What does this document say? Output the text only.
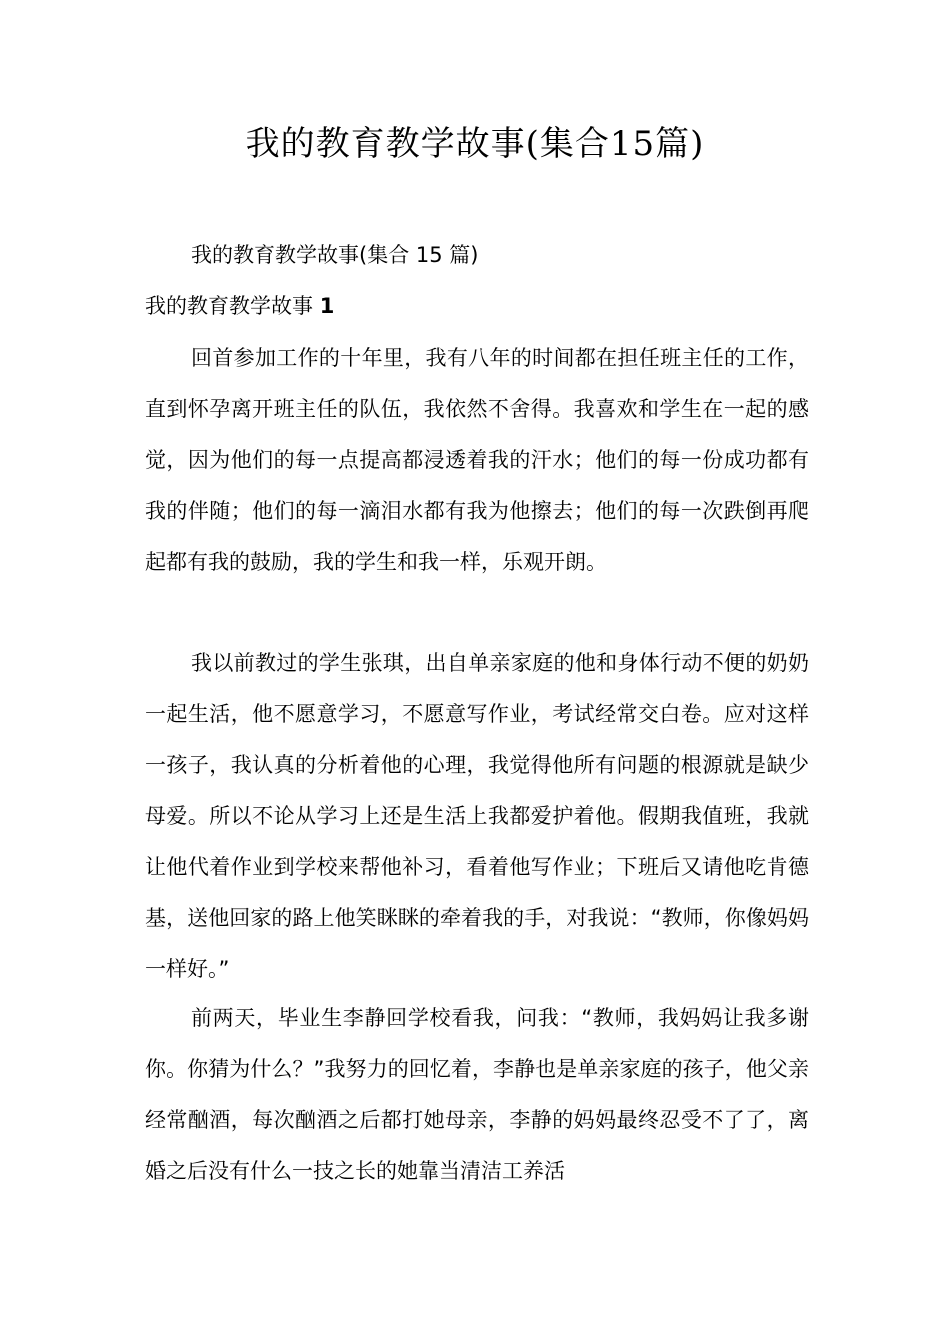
我的教育教学故事(集合15篇)

我的教育教学故事(集合 15 篇)

我的教育教学故事 1

回首参加工作的十年里，我有八年的时间都在担任班主任的工作，直到怀孕离开班主任的队伍，我依然不舍得。我喜欢和学生在一起的感觉，因为他们的每一点提高都浸透着我的汗水；他们的每一份成功都有我的伴随；他们的每一滴泪水都有我为他擦去；他们的每一次跌倒再爬起都有我的鼓励，我的学生和我一样，乐观开朗。

我以前教过的学生张琪，出自单亲家庭的他和身体行动不便的奶奶一起生活，他不愿意学习，不愿意写作业，考试经常交白卷。应对这样一孩子，我认真的分析着他的心理，我觉得他所有问题的根源就是缺少母爱。所以不论从学习上还是生活上我都爱护着他。假期我值班，我就让他代着作业到学校来帮他补习，看着他写作业；下班后又请他吃肯德基，送他回家的路上他笑眯眯的牵着我的手，对我说：“教师，你像妈妈一样好。”

前两天，毕业生李静回学校看我，问我：“教师，我妈妈让我多谢你。你猜为什么？”我努力的回忆着，李静也是单亲家庭的孩子，他父亲经常酗酒，每次酗酒之后都打她母亲，李静的妈妈最终忍受不了了，离婚之后没有什么一技之长的她靠当清洁工养活
